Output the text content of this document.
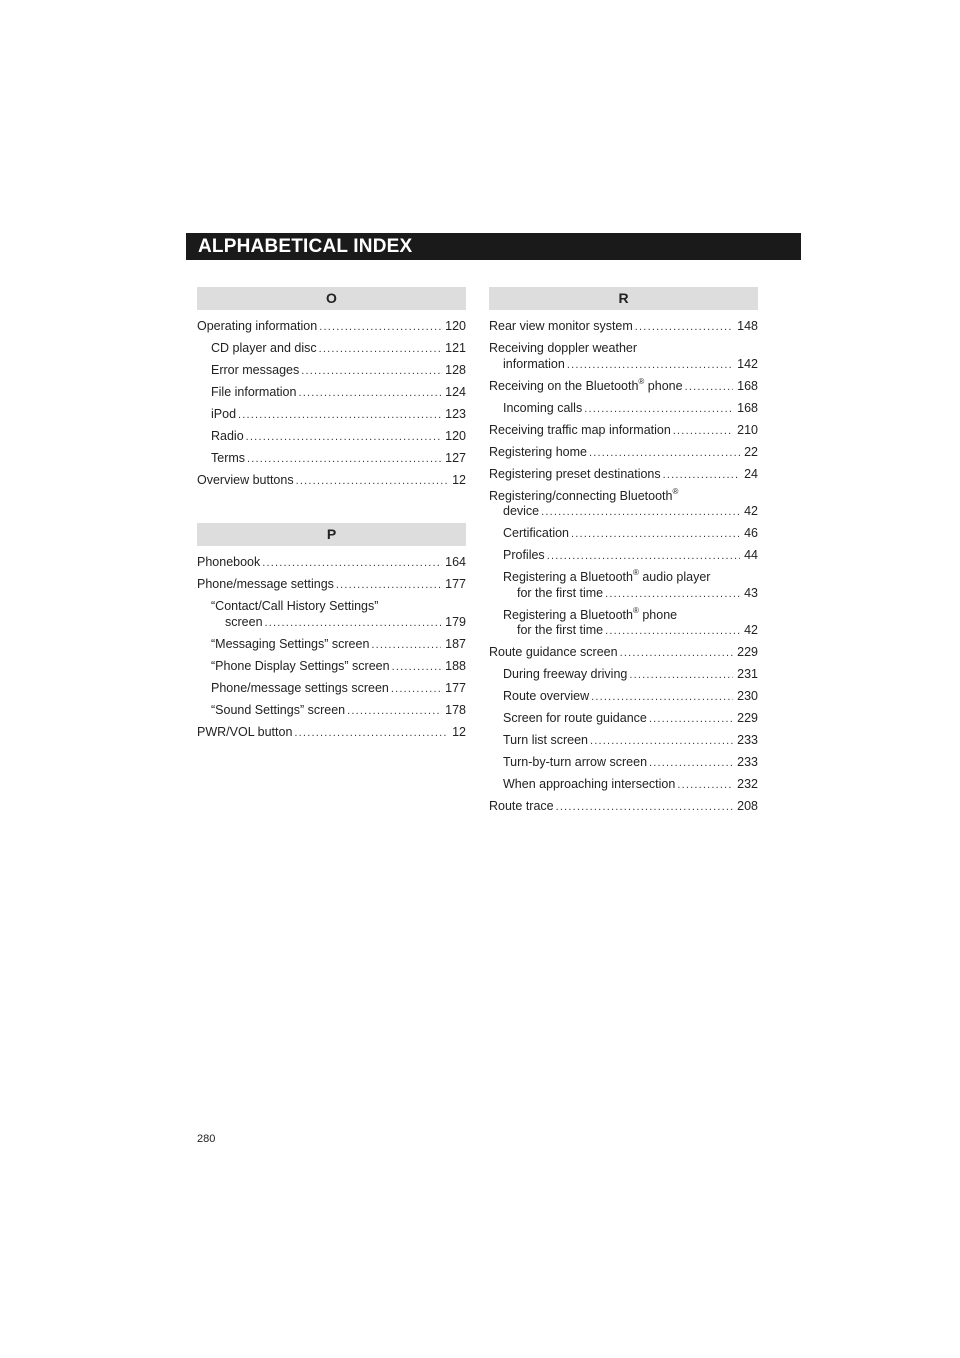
ALPHABETICAL INDEX
O
Operating information .....	120
CD player and disc .....	121
Error messages .....	128
File information .....	124
iPod .....	123
Radio .....	120
Terms .....	127
Overview buttons .....	12
P
Phonebook .....	164
Phone/message settings .....	177
“Contact/Call History Settings”
screen .....	179
“Messaging Settings” screen .....	187
“Phone Display Settings” screen .....	188
Phone/message settings screen .....	177
“Sound Settings” screen .....	178
PWR/VOL button .....	12
R
Rear view monitor system .....	148
Receiving doppler weather
information .....	142
Receiving on the Bluetooth® phone .....	168
Incoming calls .....	168
Receiving traffic map information .....	210
Registering home .....	22
Registering preset destinations .....	24
Registering/connecting Bluetooth®
device .....	42
Certification .....	46
Profiles .....	44
Registering a Bluetooth® audio player
for the first time .....	43
Registering a Bluetooth® phone
for the first time .....	42
Route guidance screen .....	229
During freeway driving .....	231
Route overview .....	230
Screen for route guidance .....	229
Turn list screen .....	233
Turn-by-turn arrow screen .....	233
When approaching intersection .....	232
Route trace .....	208
280
